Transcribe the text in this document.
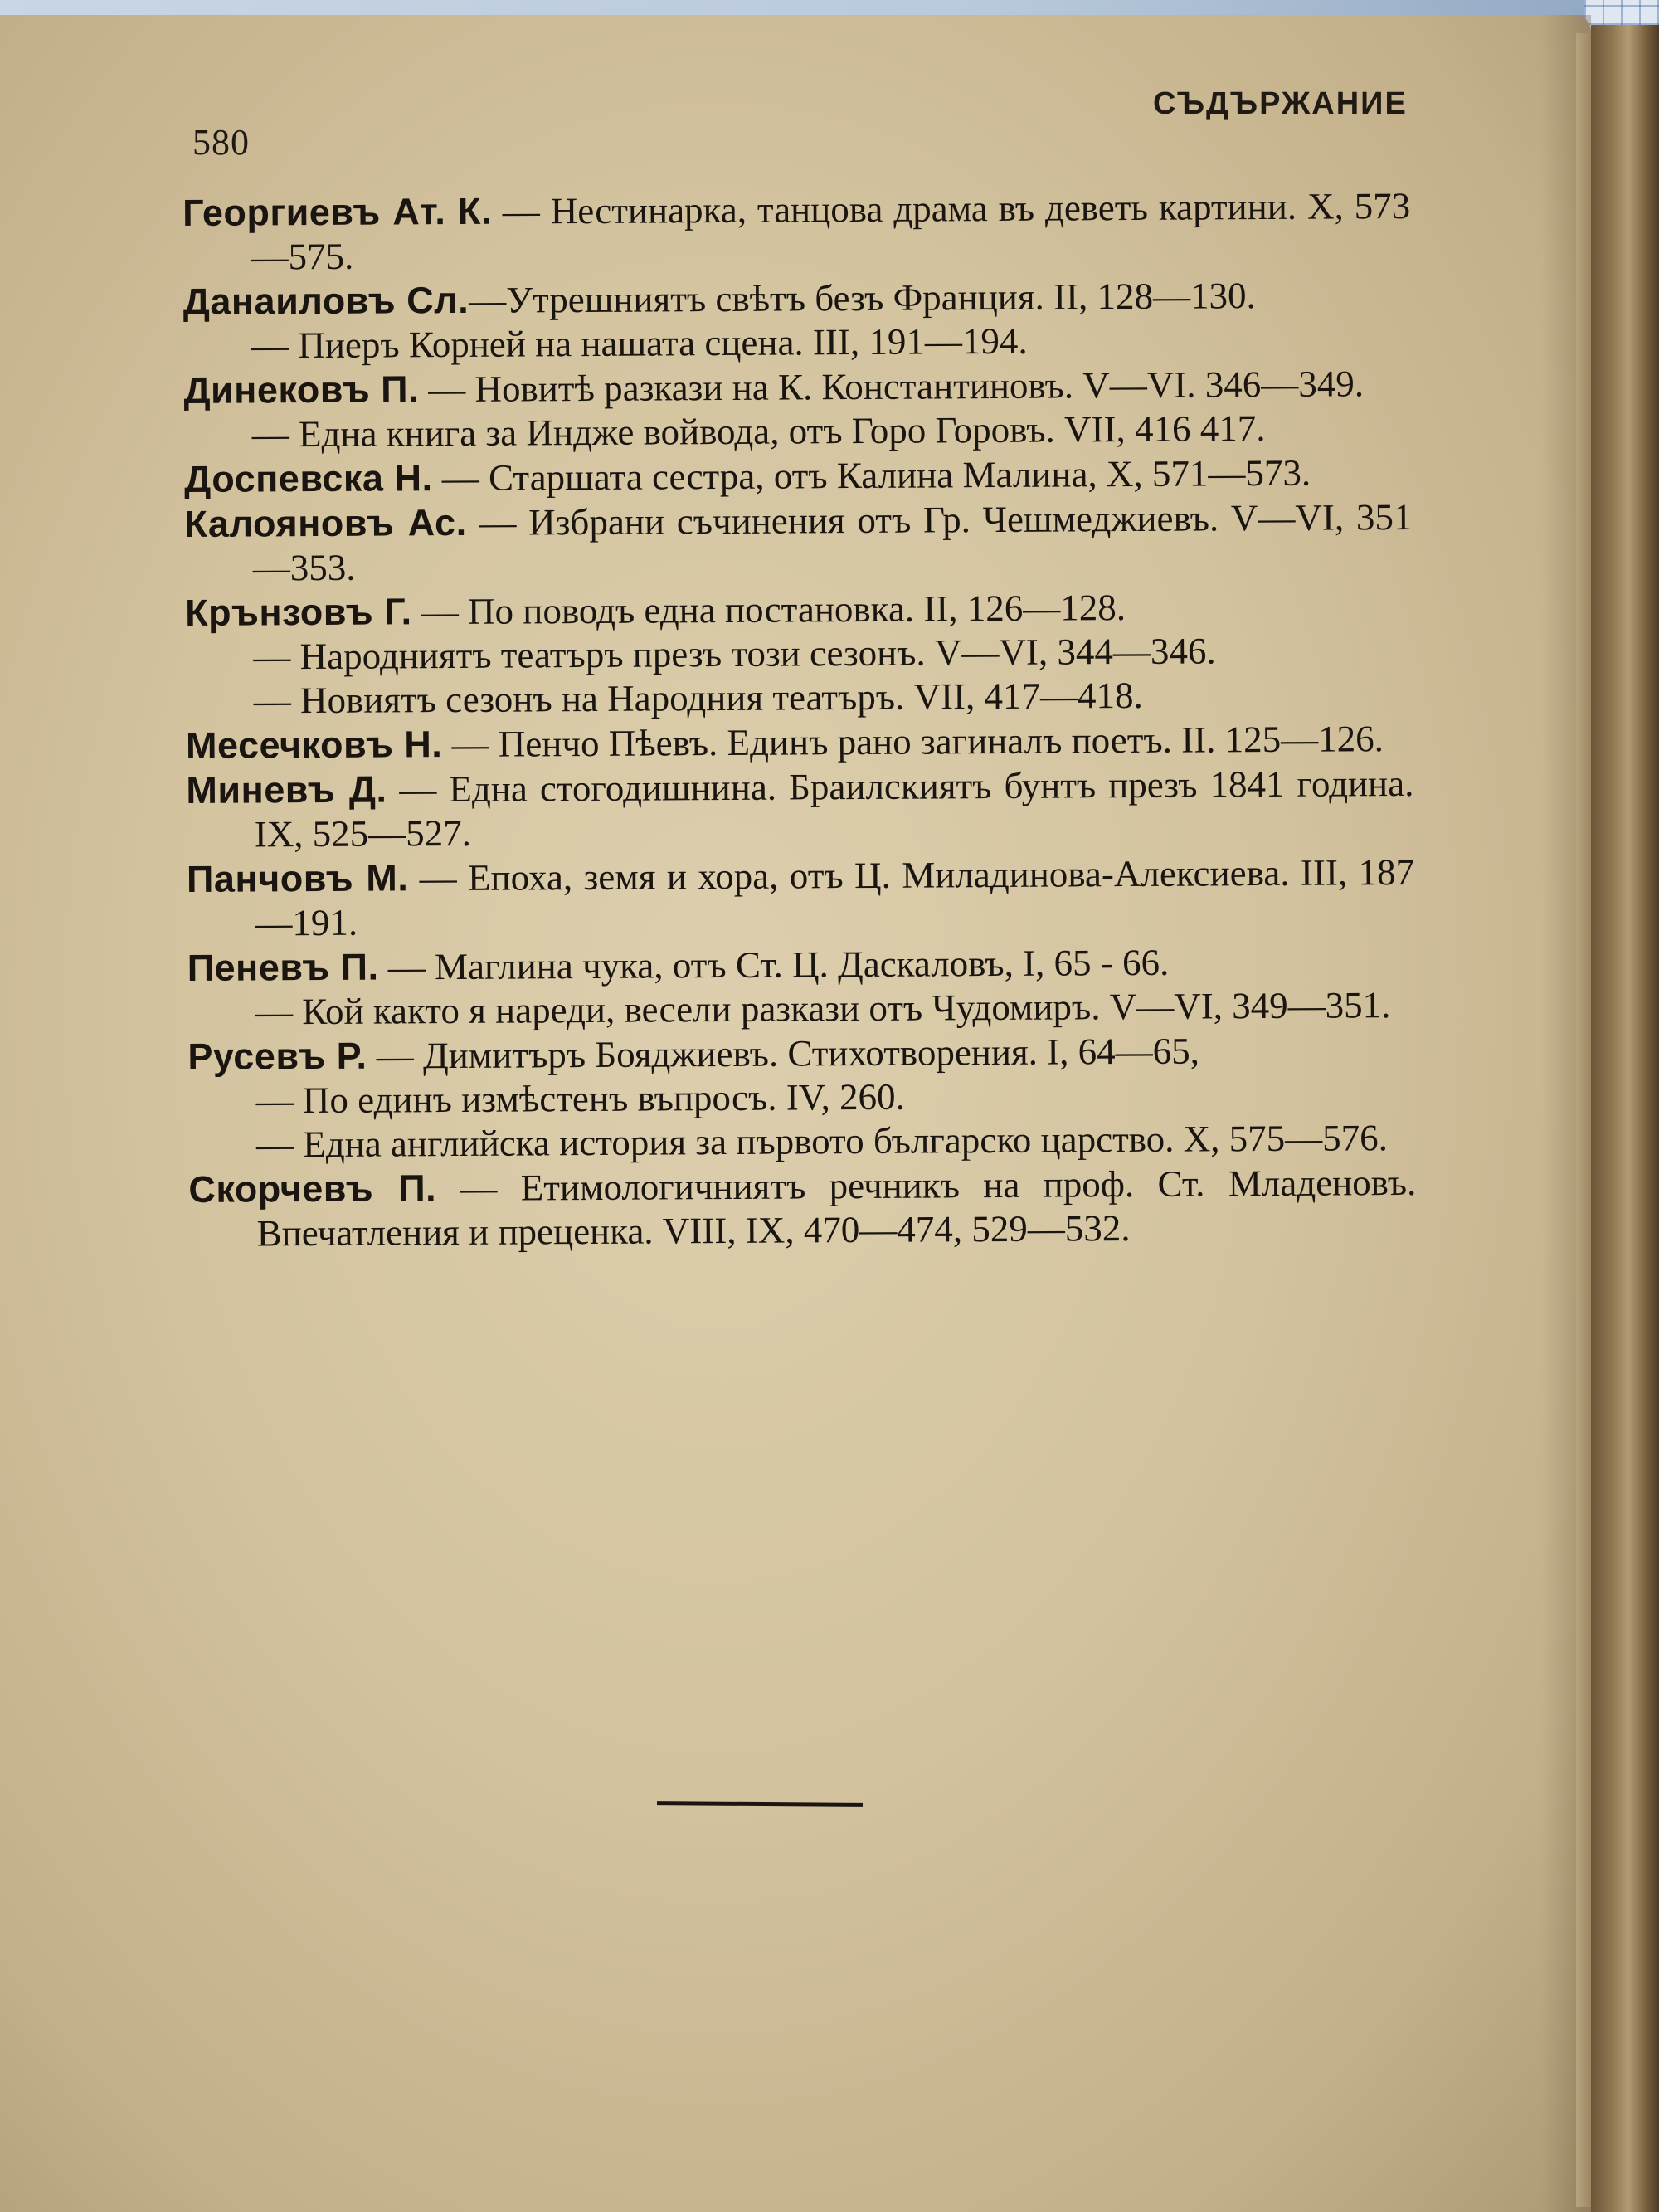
580
СЪДЪРЖАНИЕ
Георгиевъ Ат. К. — Нестинарка, танцова драма въ деветь картини. X, 573—575.
Данаиловъ Сл.—Утрешниятъ свѣтъ безъ Франция. II, 128—130.
— Пиеръ Корней на нашата сцена. III, 191—194.
Динековъ П. — Новитѣ разкази на К. Константиновъ. V—VI. 346—349.
— Една книга за Индже войвода, отъ Горо Горовъ. VII, 416 417.
Доспевска Н. — Старшата сестра, отъ Калина Малина, X, 571—573.
Калояновъ Ас. — Избрани съчинения отъ Гр. Чешмеджиевъ. V—VI, 351—353.
Крънзовъ Г. — По поводъ една постановка. II, 126—128.
— Народниятъ театъръ презъ този сезонъ. V—VI, 344—346.
— Новиятъ сезонъ на Народния театъръ. VII, 417—418.
Месечковъ Н. — Пенчо Пѣевъ. Единъ рано загиналъ поетъ. II. 125—126.
Миневъ Д. — Една стогодишнина. Браилскиятъ бунтъ презъ 1841 година. IX, 525—527.
Панчовъ М. — Епоха, земя и хора, отъ Ц. Миладинова-Алексиева. III, 187—191.
Пеневъ П. — Маглина чука, отъ Ст. Ц. Даскаловъ, I, 65 - 66.
— Кой както я нареди, весели разкази отъ Чудомиръ. V—VI, 349—351.
Русевъ Р. — Димитъръ Бояджиевъ. Стихотворения. I, 64—65,
— По единъ измѣстенъ въпросъ. IV, 260.
— Една английска история за първото българско царство. X, 575—576.
Скорчевъ П. — Етимологичниятъ речникъ на проф. Ст. Младеновъ. Впечатления и преценка. VIII, IX, 470—474, 529—532.
